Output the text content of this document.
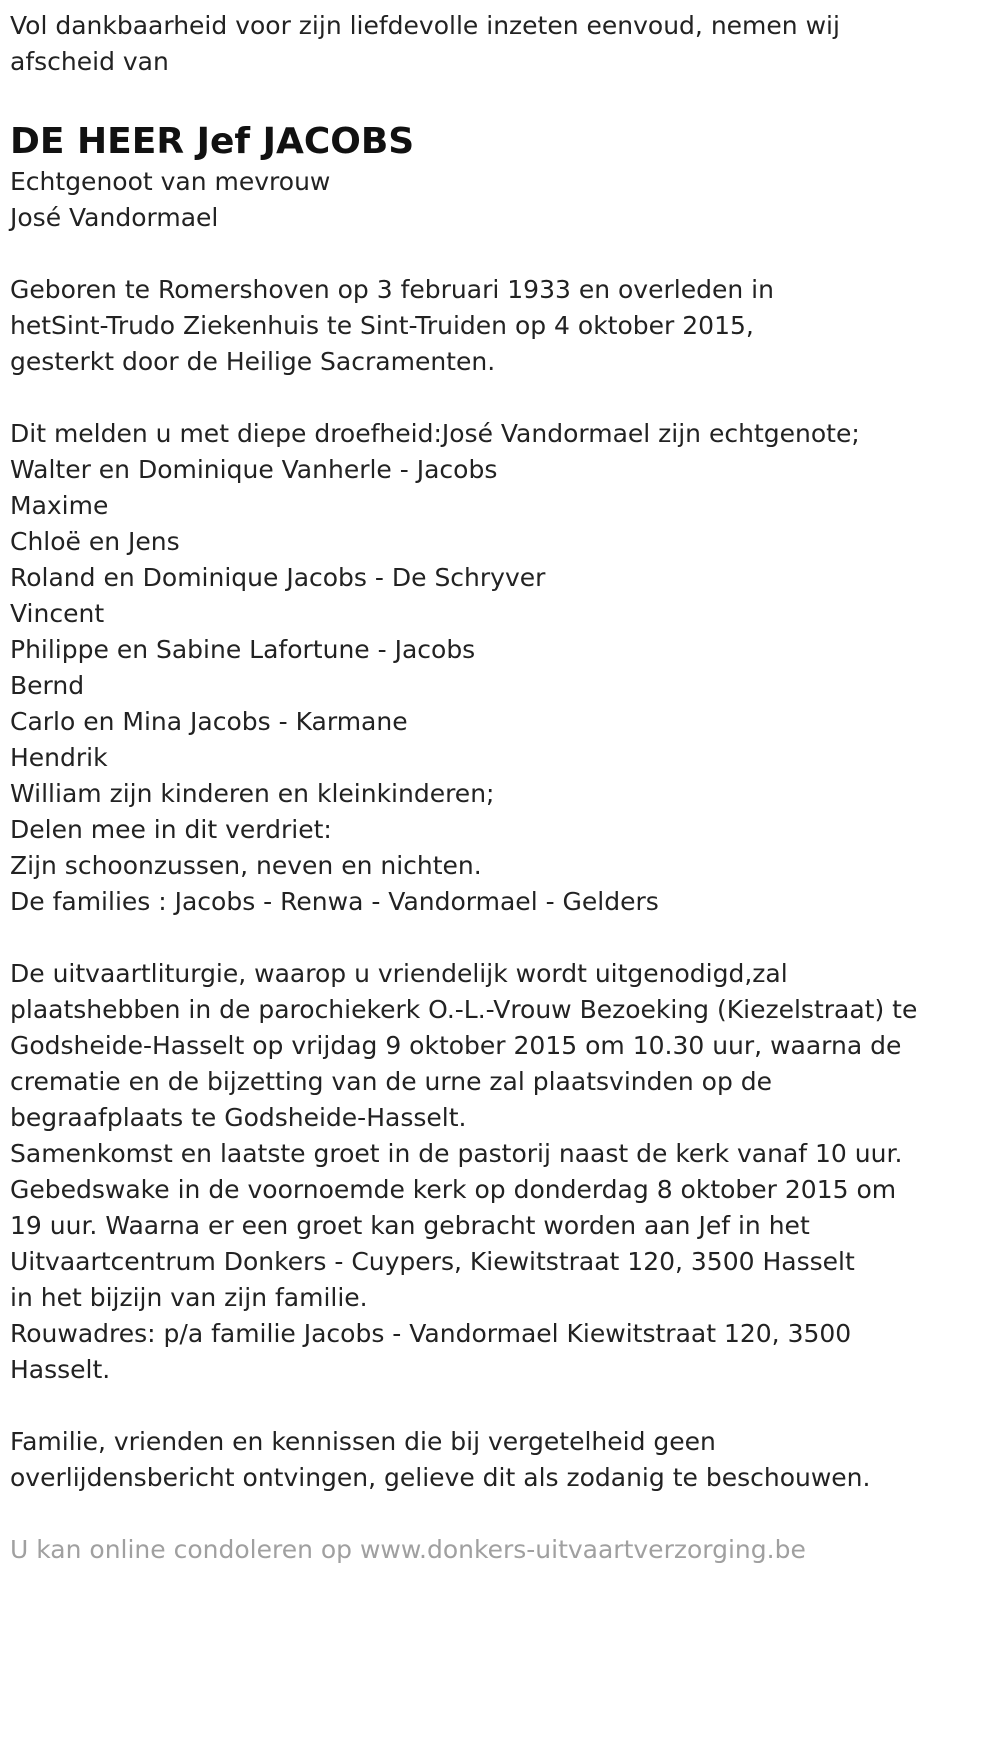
Vol dankbaarheid voor zijn liefdevolle inzeten eenvoud, nemen wij

afscheid van

DE HEER Jef JACOBS

Echtgenoot van mevrouw

José Vandormael

Geboren te Romershoven op 3 februari 1933 en overleden in

hetSint-Trudo Ziekenhuis te Sint-Truiden op 4 oktober 2015,

gesterkt door de Heilige Sacramenten.

Dit melden u met diepe droefheid:José Vandormael zijn echtgenote;

Walter en Dominique Vanherle - Jacobs

Maxime

Chloë en Jens

Roland en Dominique Jacobs - De Schryver

Vincent

Philippe en Sabine Lafortune - Jacobs

Bernd

Carlo en Mina Jacobs - Karmane

Hendrik

William zijn kinderen en kleinkinderen;

Delen mee in dit verdriet:

Zijn schoonzussen, neven en nichten.

De families : Jacobs - Renwa - Vandormael - Gelders

De uitvaartliturgie, waarop u vriendelijk wordt uitgenodigd,zal

plaatshebben in de parochiekerk O.-L.-Vrouw Bezoeking (Kiezelstraat) te

Godsheide-Hasselt op vrijdag 9 oktober 2015 om 10.30 uur, waarna de

crematie en de bijzetting van de urne zal plaatsvinden op de

begraafplaats te Godsheide-Hasselt.

Samenkomst en laatste groet in de pastorij naast de kerk vanaf 10 uur.

Gebedswake in de voornoemde kerk op donderdag 8 oktober 2015 om

19 uur. Waarna er een groet kan gebracht worden aan Jef in het

Uitvaartcentrum Donkers - Cuypers, Kiewitstraat 120, 3500 Hasselt

in het bijzijn van zijn familie.

Rouwadres: p/a familie Jacobs - Vandormael Kiewitstraat 120, 3500

Hasselt.

Familie, vrienden en kennissen die bij vergetelheid geen

overlijdensbericht ontvingen, gelieve dit als zodanig te beschouwen.

U kan online condoleren op www.donkers-uitvaartverzorging.be
